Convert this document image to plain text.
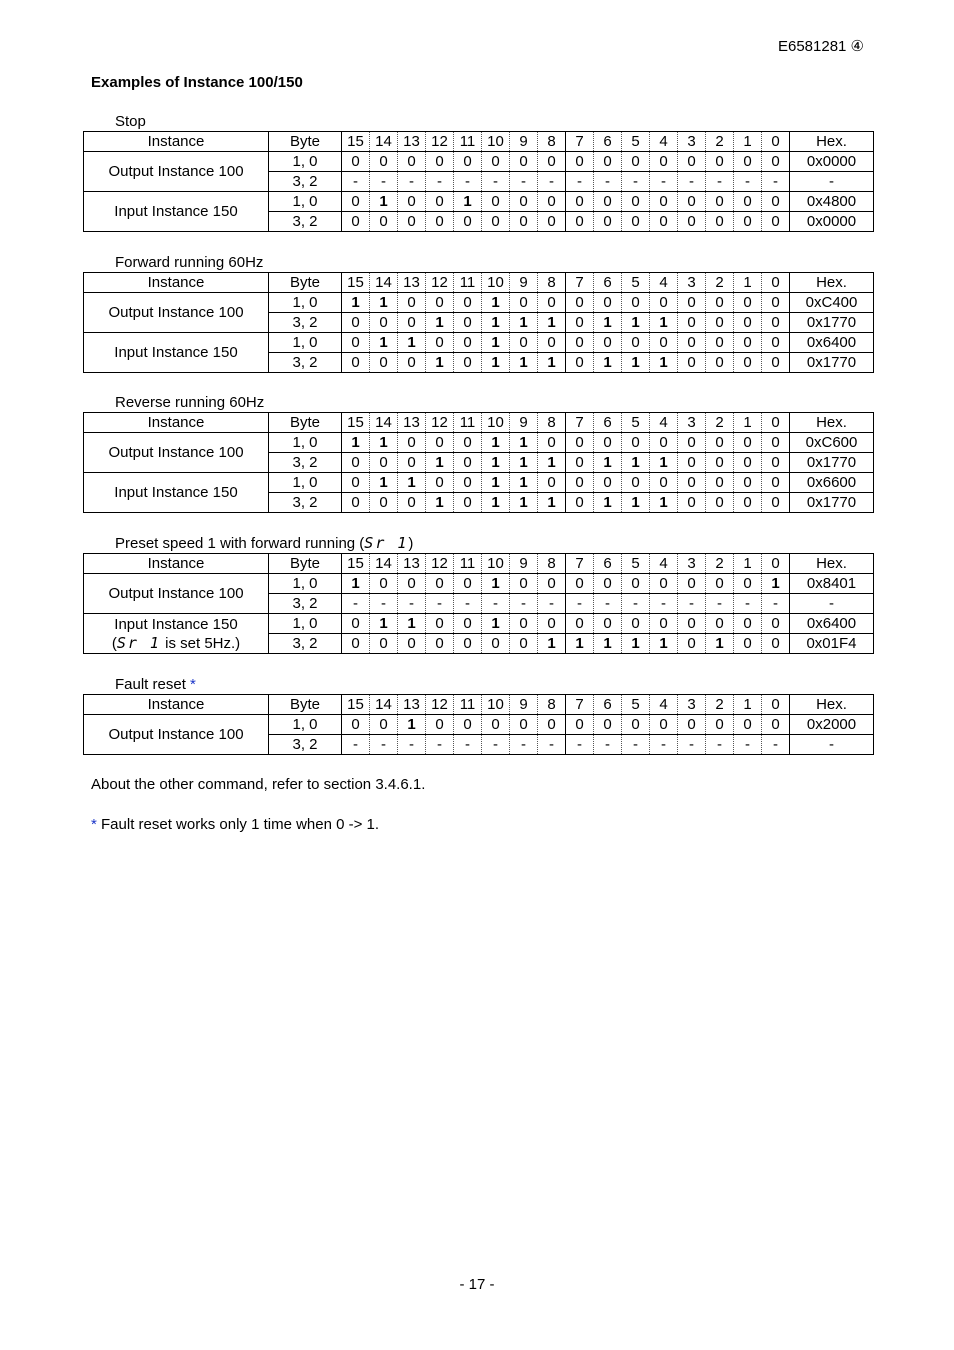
E6581281 ④
Examples of Instance 100/150
Stop
Instance	Byte	15	14	13	12	11	10	9	8	7	6	5	4	3	2	1	0	Hex.
Output Instance 100	1, 0	0	0	0	0	0	0	0	0	0	0	0	0	0	0	0	0	0x0000
	3, 2	-	-	-	-	-	-	-	-	-	-	-	-	-	-	-	-	-
Input Instance 150	1, 0	0	1	0	0	1	0	0	0	0	0	0	0	0	0	0	0	0x4800
	3, 2	0	0	0	0	0	0	0	0	0	0	0	0	0	0	0	0	0x0000
Forward running 60Hz
Instance	Byte	15	14	13	12	11	10	9	8	7	6	5	4	3	2	1	0	Hex.
Output Instance 100	1, 0	1	1	0	0	0	1	0	0	0	0	0	0	0	0	0	0	0xC400
	3, 2	0	0	0	1	0	1	1	1	0	1	1	1	0	0	0	0	0x1770
Input Instance 150	1, 0	0	1	1	0	0	1	0	0	0	0	0	0	0	0	0	0	0x6400
	3, 2	0	0	0	1	0	1	1	1	0	1	1	1	0	0	0	0	0x1770
Reverse running 60Hz
Instance	Byte	15	14	13	12	11	10	9	8	7	6	5	4	3	2	1	0	Hex.
Output Instance 100	1, 0	1	1	0	0	0	1	1	0	0	0	0	0	0	0	0	0	0xC600
	3, 2	0	0	0	1	0	1	1	1	0	1	1	1	0	0	0	0	0x1770
Input Instance 150	1, 0	0	1	1	0	0	1	1	0	0	0	0	0	0	0	0	0	0x6600
	3, 2	0	0	0	1	0	1	1	1	0	1	1	1	0	0	0	0	0x1770
Preset speed 1 with forward running (Sr 1)
Instance	Byte	15	14	13	12	11	10	9	8	7	6	5	4	3	2	1	0	Hex.
Output Instance 100	1, 0	1	0	0	0	0	1	0	0	0	0	0	0	0	0	0	1	0x8401
	3, 2	-	-	-	-	-	-	-	-	-	-	-	-	-	-	-	-	-

Input Instance 150
(Sr 1 is set 5Hz.)	1, 0	0	1	1	0	0	1	0	0	0	0	0	0	0	0	0	0	0x6400
	3, 2	0	0	0	0	0	0	0	1	1	1	1	1	0	1	0	0	0x01F4
Fault reset *
Instance	Byte	15	14	13	12	11	10	9	8	7	6	5	4	3	2	1	0	Hex.
Output Instance 100	1, 0	0	0	1	0	0	0	0	0	0	0	0	0	0	0	0	0	0x2000
	3, 2	-	-	-	-	-	-	-	-	-	-	-	-	-	-	-	-	-
About the other command, refer to section 3.4.6.1.
* Fault reset works only 1 time when 0 -> 1.
- 17 -
